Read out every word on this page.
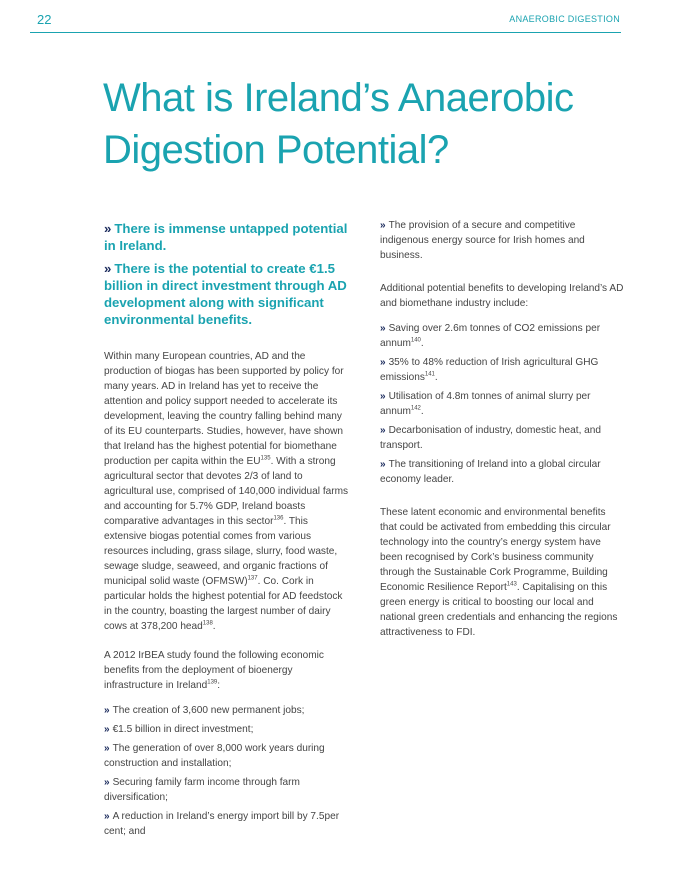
22	ANAEROBIC DIGESTION
What is Ireland’s Anaerobic Digestion Potential?

» There is immense untapped potential in Ireland.

» There is the potential to create €1.5 billion in direct investment through AD development along with significant environmental benefits.

Within many European countries, AD and the production of biogas has been supported by policy for many years. AD in Ireland has yet to receive the attention and policy support needed to accelerate its development, leaving the country falling behind many of its EU counterparts. Studies, however, have shown that Ireland has the highest potential for biomethane production per capita within the EU$^{135}$. With a strong agricultural sector that devotes 2/3 of land to agricultural use, comprised of 140,000 individual farms and accounting for 5.7% GDP, Ireland boasts comparative advantages in this sector$^{136}$. This extensive biogas potential comes from various resources including, grass silage, slurry, food waste, sewage sludge, seaweed, and organic fractions of municipal solid waste (OFMSW)$^{137}$. Co. Cork in particular holds the highest potential for AD feedstock in the country, boasting the largest number of dairy cows at 378,200 head$^{138}$.

A 2012 IrBEA study found the following economic benefits from the deployment of bioenergy infrastructure in Ireland$^{139}$:

» The creation of 3,600 new permanent jobs;

» €1.5 billion in direct investment;

» The generation of over 8,000 work years during construction and installation;

» Securing family farm income through farm diversification;

» A reduction in Ireland’s energy import bill by 7.5per cent; and

» The provision of a secure and competitive indigenous energy source for Irish homes and business.

Additional potential benefits to developing Ireland’s AD and biomethane industry include:

» Saving over 2.6m tonnes of CO2 emissions per annum$^{140}$.

» 35% to 48% reduction of Irish agricultural GHG emissions$^{141}$.

» Utilisation of 4.8m tonnes of animal slurry per annum$^{142}$.

» Decarbonisation of industry, domestic heat, and transport.

» The transitioning of Ireland into a global circular economy leader.

These latent economic and environmental benefits that could be activated from embedding this circular technology into the country’s energy system have been recognised by Cork’s business community through the Sustainable Cork Programme, Building Economic Resilience Report$^{143}$. Capitalising on this green energy is critical to boosting our local and national green credentials and enhancing the regions attractiveness to FDI.
